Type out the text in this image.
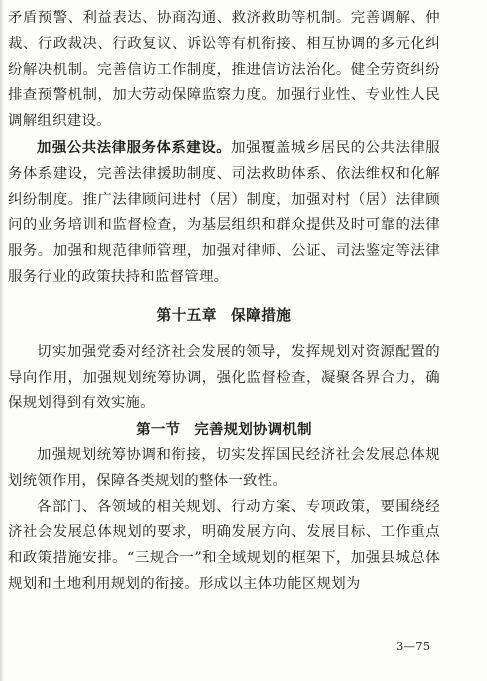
矛盾预警、利益表达、协商沟通、救济救助等机制。完善调解、仲裁、行政裁决、行政复议、诉讼等有机衔接、相互协调的多元化纠纷解决机制。完善信访工作制度，推进信访法治化。健全劳资纠纷排查预警机制，加大劳动保障监察力度。加强行业性、专业性人民调解组织建设。

加强公共法律服务体系建设。加强覆盖城乡居民的公共法律服务体系建设，完善法律援助制度、司法救助体系、依法维权和化解纠纷制度。推广法律顾问进村（居）制度，加强对村（居）法律顾问的业务培训和监督检查，为基层组织和群众提供及时可靠的法律服务。加强和规范律师管理，加强对律师、公证、司法鉴定等法律服务行业的政策扶持和监督管理。

第十五章 保障措施

切实加强党委对经济社会发展的领导，发挥规划对资源配置的导向作用，加强规划统筹协调，强化监督检查，凝聚各界合力，确保规划得到有效实施。

第一节 完善规划协调机制

加强规划统筹协调和衔接，切实发挥国民经济社会发展总体规划统领作用，保障各类规划的整体一致性。

各部门、各领域的相关规划、行动方案、专项政策，要围绕经济社会发展总体规划的要求，明确发展方向、发展目标、工作重点和政策措施安排。“三规合一”和全域规划的框架下，加强县城总体规划和土地利用规划的衔接。形成以主体功能区规划为

3—75
